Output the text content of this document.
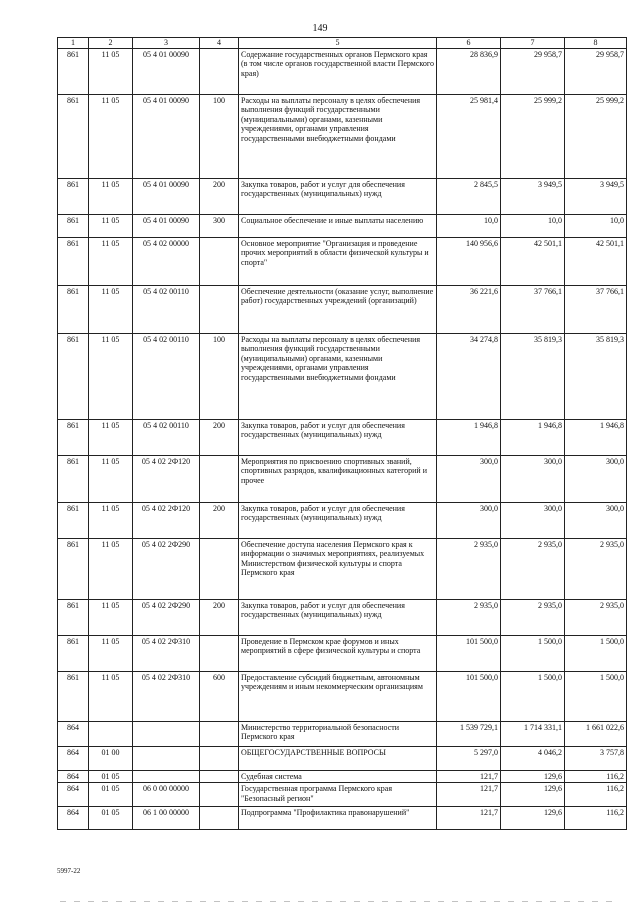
149
1	2	3	4	5	6	7	8
861	11 05	05 4 01 00090		Содержание государственных органов Пермского края (в том числе органов государственной власти Пермского края)	28 836,9	29 958,7	29 958,7
861	11 05	05 4 01 00090	100	Расходы на выплаты персоналу в целях обеспечения выполнения функций государственными (муниципальными) органами, казенными учреждениями, органами управления государственными внебюджетными фондами	25 981,4	25 999,2	25 999,2
861	11 05	05 4 01 00090	200	Закупка товаров, работ и услуг для обеспечения государственных (муниципальных) нужд	2 845,5	3 949,5	3 949,5
861	11 05	05 4 01 00090	300	Социальное обеспечение и иные выплаты населению	10,0	10,0	10,0
861	11 05	05 4 02 00000		Основное мероприятие "Организация и проведение прочих мероприятий в области физической культуры и спорта"	140 956,6	42 501,1	42 501,1
861	11 05	05 4 02 00110		Обеспечение деятельности (оказание услуг, выполнение работ) государственных учреждений (организаций)	36 221,6	37 766,1	37 766,1
861	11 05	05 4 02 00110	100	Расходы на выплаты персоналу в целях обеспечения выполнения функций государственными (муниципальными) органами, казенными учреждениями, органами управления государственными внебюджетными фондами	34 274,8	35 819,3	35 819,3
861	11 05	05 4 02 00110	200	Закупка товаров, работ и услуг для обеспечения государственных (муниципальных) нужд	1 946,8	1 946,8	1 946,8
861	11 05	05 4 02 2Ф120		Мероприятия по присвоению спортивных званий, спортивных разрядов, квалификационных категорий и прочее	300,0	300,0	300,0
861	11 05	05 4 02 2Ф120	200	Закупка товаров, работ и услуг для обеспечения государственных (муниципальных) нужд	300,0	300,0	300,0
861	11 05	05 4 02 2Ф290		Обеспечение доступа населения Пермского края к информации о значимых мероприятиях, реализуемых Министерством физической культуры и спорта Пермского края	2 935,0	2 935,0	2 935,0
861	11 05	05 4 02 2Ф290	200	Закупка товаров, работ и услуг для обеспечения государственных (муниципальных) нужд	2 935,0	2 935,0	2 935,0
861	11 05	05 4 02 2Ф310		Проведение в Пермском крае форумов и иных мероприятий в сфере физической культуры и спорта	101 500,0	1 500,0	1 500,0
861	11 05	05 4 02 2Ф310	600	Предоставление субсидий бюджетным, автономным учреждениям и иным некоммерческим организациям	101 500,0	1 500,0	1 500,0
864				Министерство территориальной безопасности Пермского края	1 539 729,1	1 714 331,1	1 661 022,6
864	01 00			ОБЩЕГОСУДАРСТВЕННЫЕ ВОПРОСЫ	5 297,0	4 046,2	3 757,8
864	01 05			Судебная система	121,7	129,6	116,2
864	01 05	06 0 00 00000		Государственная программа Пермского края "Безопасный регион"	121,7	129,6	116,2
864	01 05	06 1 00 00000		Подпрограмма "Профилактика правонарушений"	121,7	129,6	116,2
5997-22
